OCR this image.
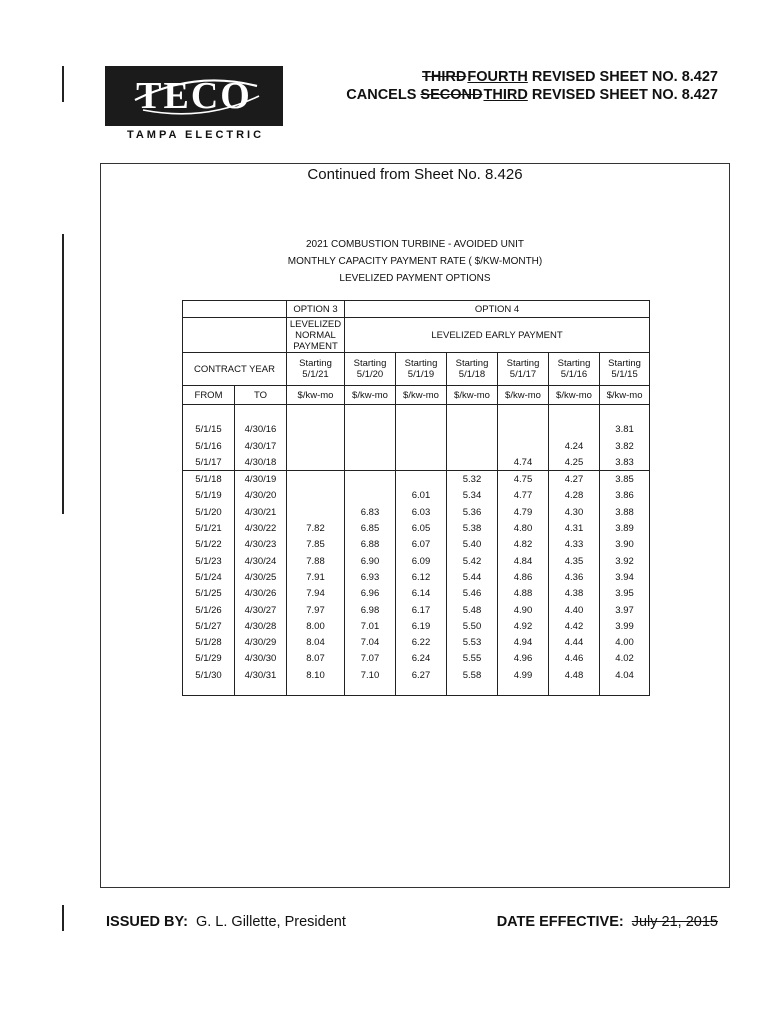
TECO
TAMPA ELECTRIC
THIRD FOURTH REVISED SHEET NO. 8.427
CANCELS SECOND THIRD REVISED SHEET NO. 8.427
Continued from Sheet No. 8.426
2021 COMBUSTION TURBINE - AVOIDED UNIT
MONTHLY CAPACITY PAYMENT RATE ( $/KW-MONTH)
LEVELIZED PAYMENT OPTIONS
		OPTION 3	OPTION 4					
		LEVELIZED NORMAL PAYMENT	LEVELIZED EARLY PAYMENT					
CONTRACT YEAR		Starting 5/1/21	Starting 5/1/20	Starting 5/1/19	Starting 5/1/18	Starting 5/1/17	Starting 5/1/16	Starting 5/1/15
FROM	TO	$/kw-mo	$/kw-mo	$/kw-mo	$/kw-mo	$/kw-mo	$/kw-mo	$/kw-mo

5/1/15	4/30/16							3.81
5/1/16	4/30/17						4.24	3.82
5/1/17	4/30/18					4.74	4.25	3.83
5/1/18	4/30/19				5.32	4.75	4.27	3.85
5/1/19	4/30/20			6.01	5.34	4.77	4.28	3.86
5/1/20	4/30/21		6.83	6.03	5.36	4.79	4.30	3.88
5/1/21	4/30/22	7.82	6.85	6.05	5.38	4.80	4.31	3.89
5/1/22	4/30/23	7.85	6.88	6.07	5.40	4.82	4.33	3.90
5/1/23	4/30/24	7.88	6.90	6.09	5.42	4.84	4.35	3.92
5/1/24	4/30/25	7.91	6.93	6.12	5.44	4.86	4.36	3.94
5/1/25	4/30/26	7.94	6.96	6.14	5.46	4.88	4.38	3.95
5/1/26	4/30/27	7.97	6.98	6.17	5.48	4.90	4.40	3.97
5/1/27	4/30/28	8.00	7.01	6.19	5.50	4.92	4.42	3.99
5/1/28	4/30/29	8.04	7.04	6.22	5.53	4.94	4.44	4.00
5/1/29	4/30/30	8.07	7.07	6.24	5.55	4.96	4.46	4.02
5/1/30	4/30/31	8.10	7.10	6.27	5.58	4.99	4.48	4.04

ISSUED BY: G. L. Gillette, President	DATE EFFECTIVE: July 21, 2015
